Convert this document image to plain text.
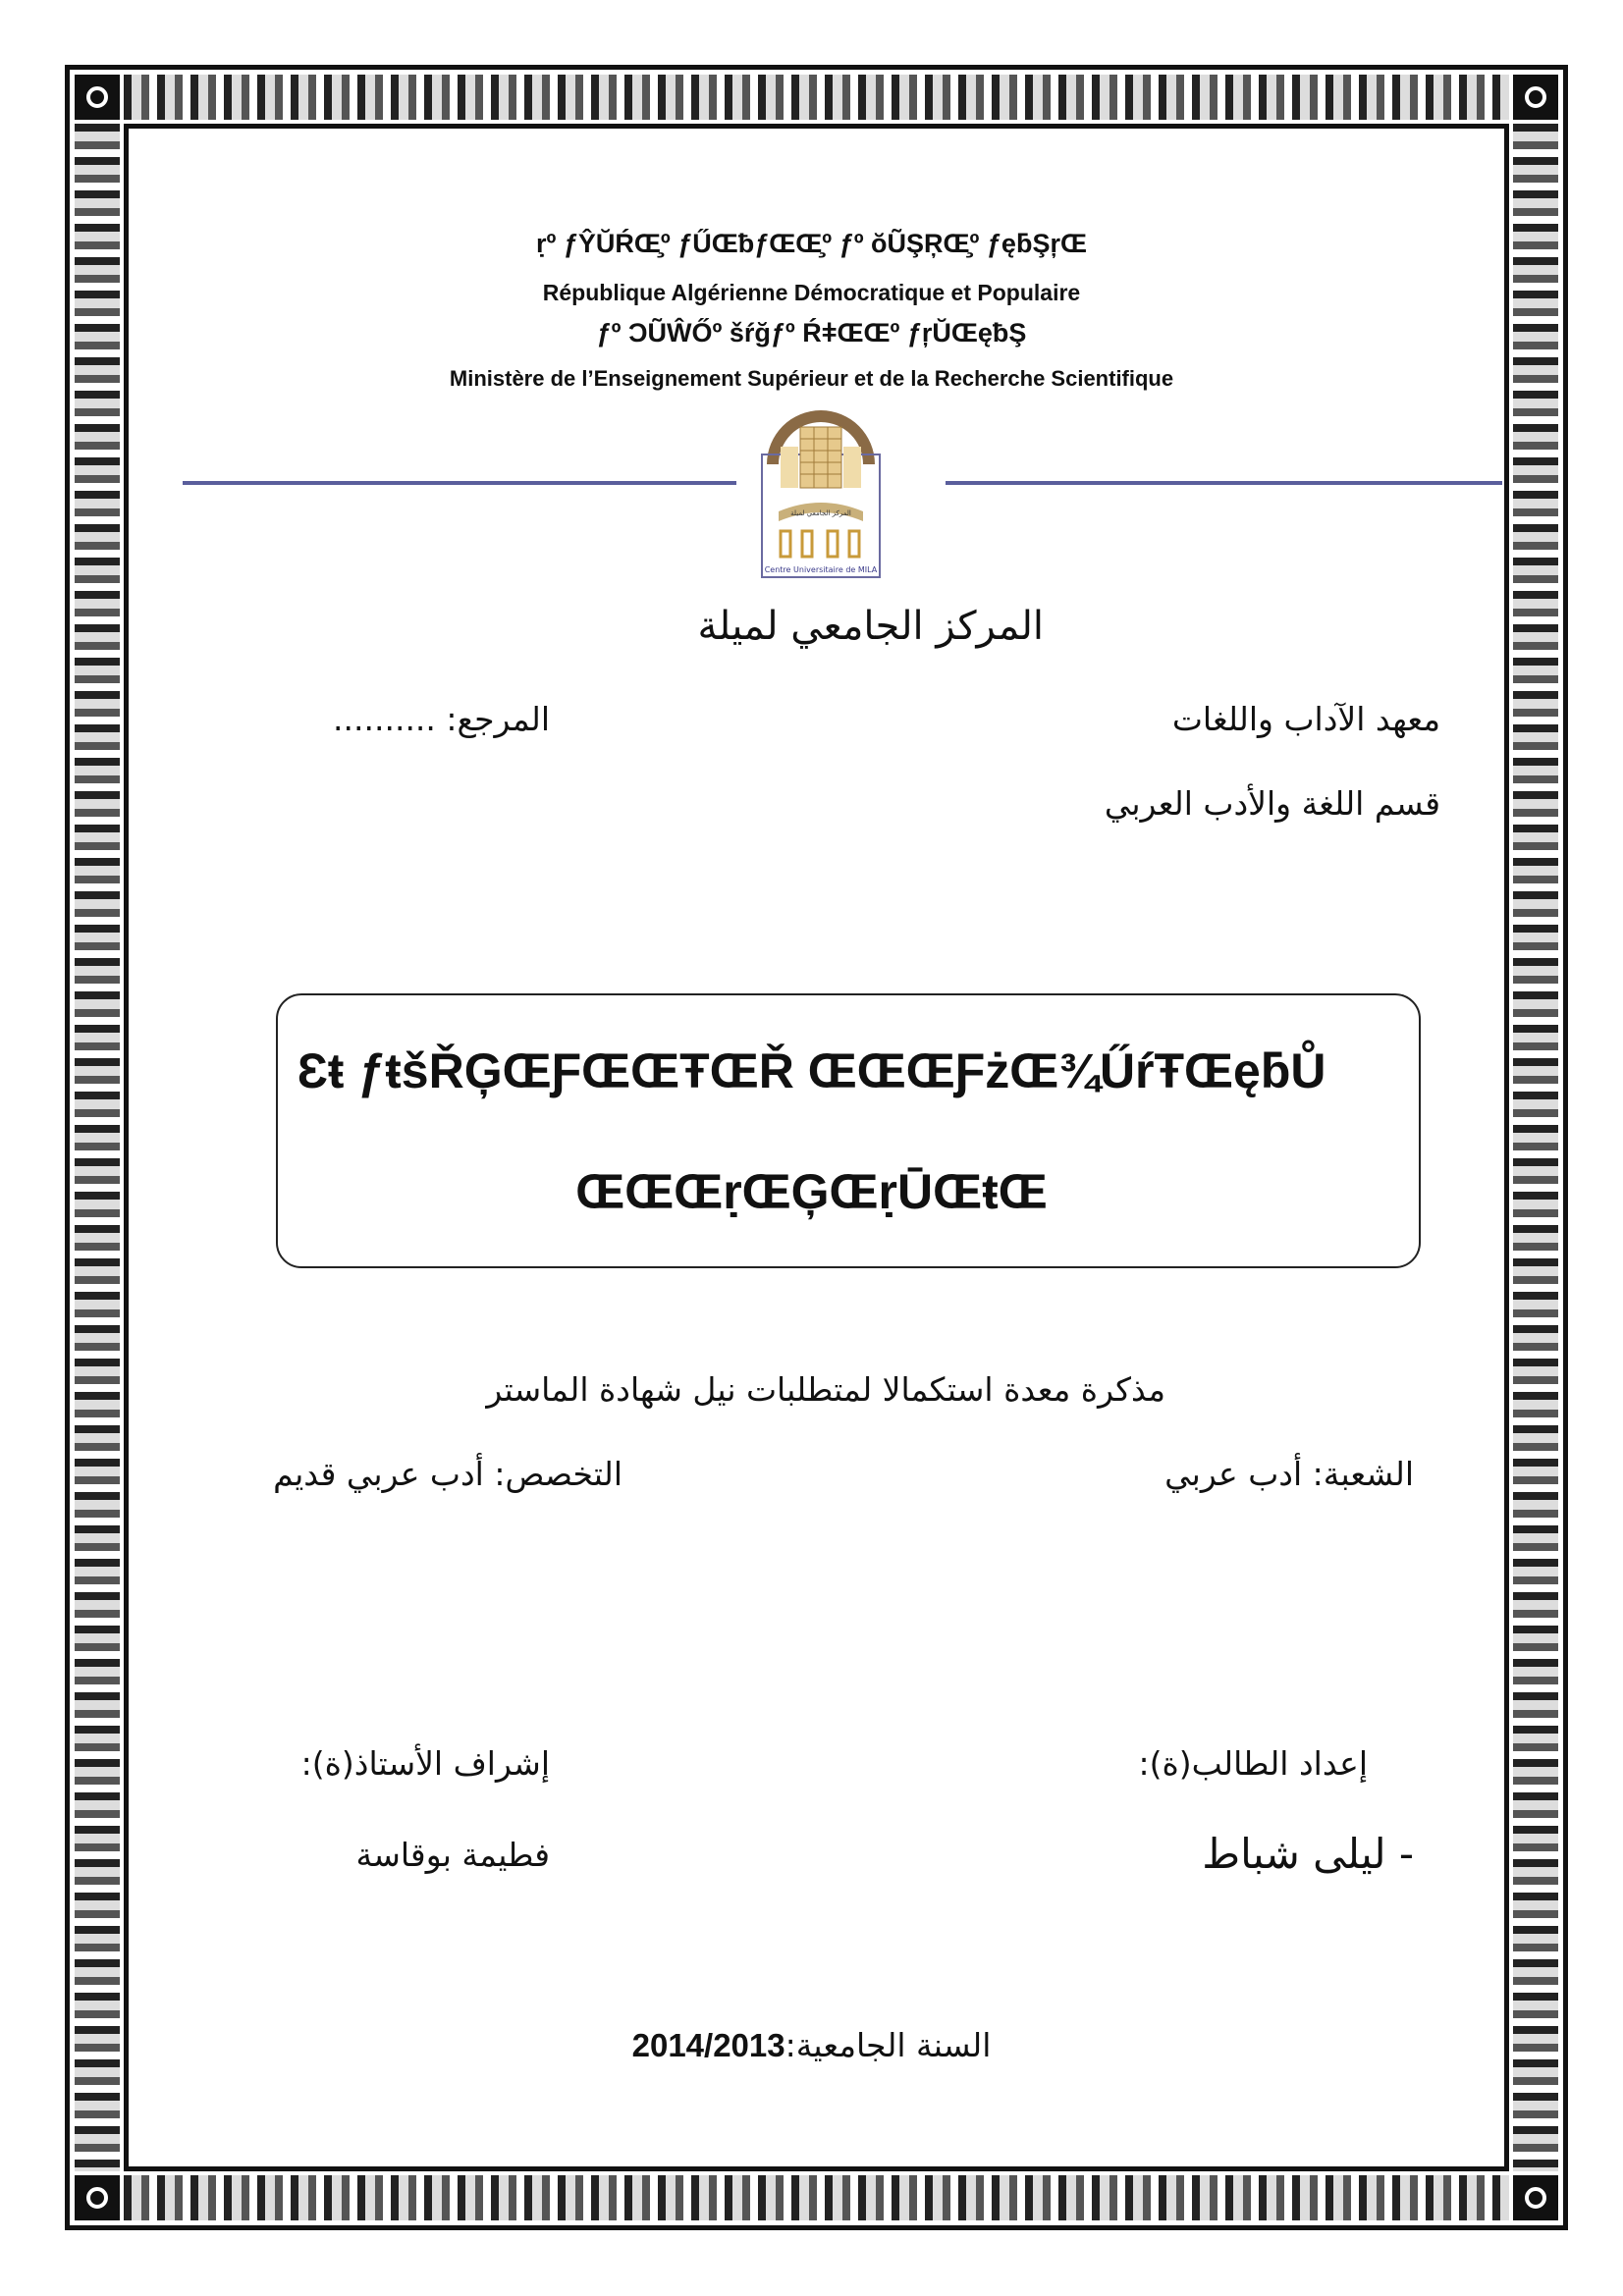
ṛº ƒŶŬŔŒ̧º ƒŰŒƀƒŒŒ̧º ƒº ŏŨŞŖŒ̧º ƒęƃŞŗŒ
République Algérienne Démocratique et Populaire
ƒº ƆŨŴŐº šŕğƒº ŔǂŒŒº ƒŗŬŒęƀŞ
Ministère de l’Enseignement Supérieur et de la Recherche Scientifique
المركز الجامعي لميلة
Centre Universitaire de MILA
المركز الجامعي لميلة
معهد الآداب واللغات
المرجع: ..........
قسم اللغة والأدب العربي
Ɛŧ ƒŧšŘĢŒƑŒŒŦŒŘ ŒŒŒƑżŒ¾ŰŕŦŒęƃŮ
ŒŒŒṛŒĢŒṛŪŒŧŒ
مذكرة معدة استكمالا لمتطلبات نيل شهادة الماستر
الشعبة: أدب عربي
التخصص: أدب عربي قديم
إعداد الطالب(ة):
إشراف الأستاذ(ة):
- ليلى شباط
فطيمة بوقاسة
2014/2013السنة الجامعية:
